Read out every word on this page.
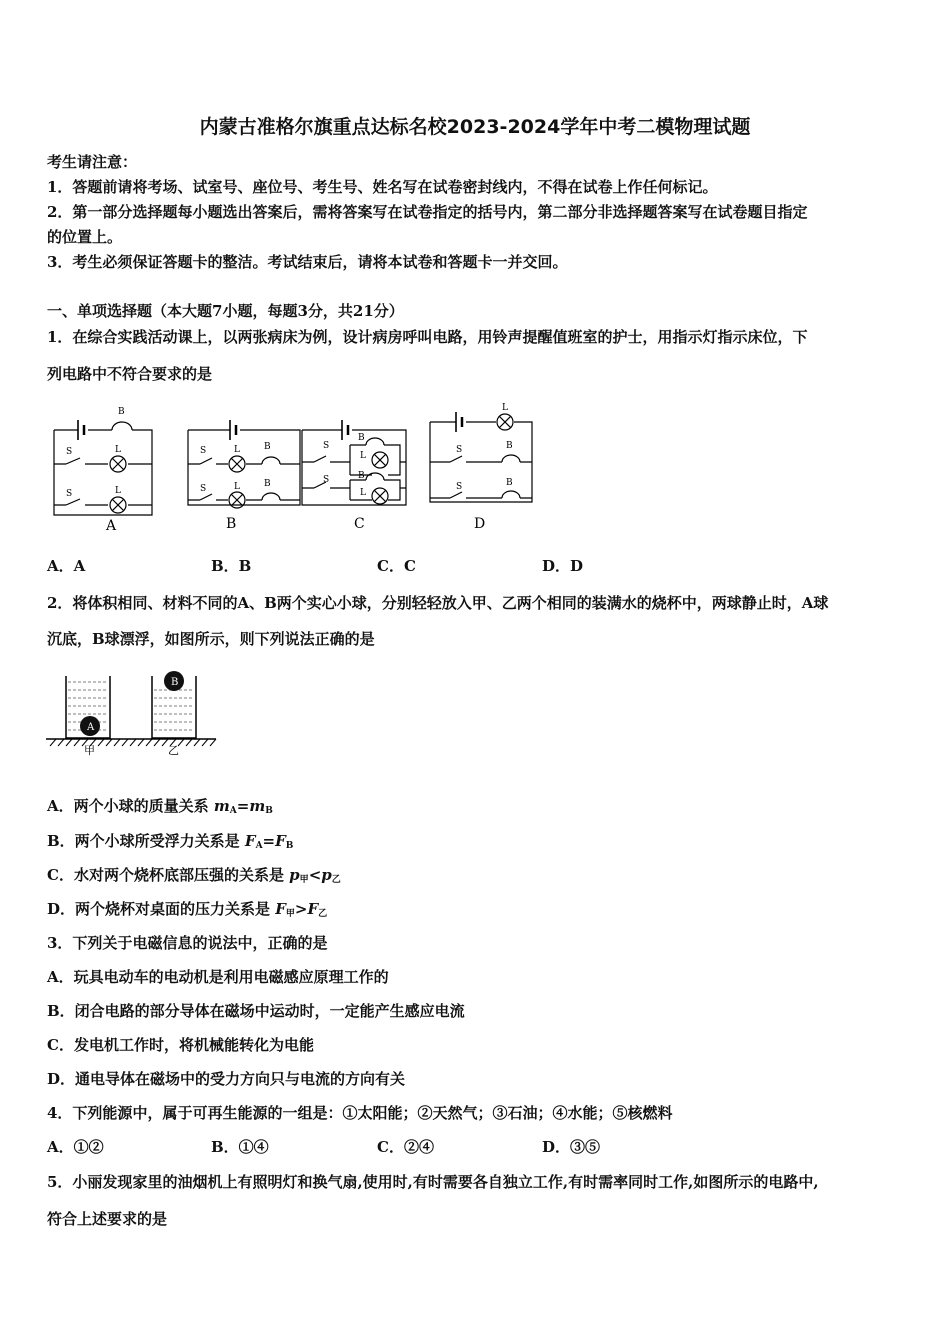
内蒙古准格尔旗重点达标名校2023-2024学年中考二模物理试题
考生请注意：
1．答题前请将考场、试室号、座位号、考生号、姓名写在试卷密封线内，不得在试卷上作任何标记。
2．第一部分选择题每小题选出答案后，需将答案写在试卷指定的括号内，第二部分非选择题答案写在试卷题目指定
的位置上。
3．考生必须保证答题卡的整洁。考试结束后，请将本试卷和答题卡一并交回。
一、单项选择题（本大题7小题，每题3分，共21分）
1．在综合实践活动课上，以两张病床为例，设计病房呼叫电路，用铃声提醒值班室的护士，用指示灯指示床位，下
列电路中不符合要求的是
B
S	L
S	L
S	L	B
S	L	B
S
B
L
S	B
L
L
S	B
S	B
A	B	C	D
A．A	B．B	C．C	D．D
2．将体积相同、材料不同的A、B两个实心小球，分别轻轻放入甲、乙两个相同的装满水的烧杯中，两球静止时，A球
沉底，B球漂浮，如图所示，则下列说法正确的是
A
B
甲	乙
A．两个小球的质量关系 $m_A=m_B$
B．两个小球所受浮力关系是 $F_A=F_B$
C．水对两个烧杯底部压强的关系是 $p_甲<p_乙$
D．两个烧杯对桌面的压力关系是 $F_甲>F_乙$
3．下列关于电磁信息的说法中，正确的是
A．玩具电动车的电动机是利用电磁感应原理工作的
B．闭合电路的部分导体在磁场中运动时，一定能产生感应电流
C．发电机工作时，将机械能转化为电能
D．通电导体在磁场中的受力方向只与电流的方向有关
4．下列能源中，属于可再生能源的一组是：①太阳能；②天然气；③石油；④水能；⑤核燃料
A．①②	B．①④	C．②④	D．③⑤
5．小丽发现家里的油烟机上有照明灯和换气扇,使用时,有时需要各自独立工作,有时需率同时工作,如图所示的电路中,
符合上述要求的是
